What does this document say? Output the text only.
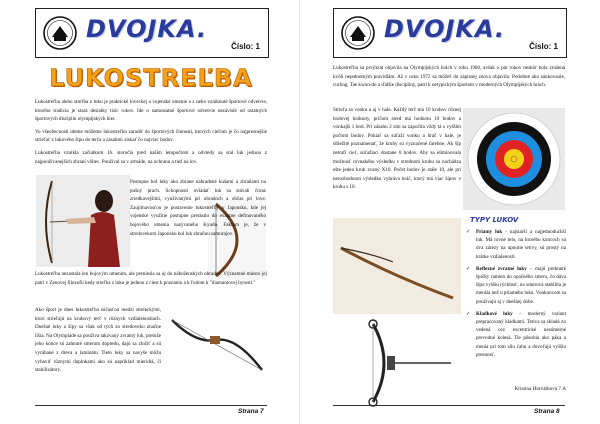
DVOJKA.
Číslo: 1
LUKOSTREĽBA

Lukostreľba alebo streľba z luku je praktické loveckej a vojenské umenie a z neho vzniknuté športové odvetvie, ktorého tradícia je stará desiatky tisíc rokov. Ide o samostatné športové odvetvie nezávislé od ostatných športových disciplín olympijských hier.

Vo všeobecnosti ideme môžeme lukostreľbu zaradiť do športových činností, ktorých cieľom je čo najpresnejšie strieľať z lukového šípu do terča a zásahmi získať čo najviac bodov.

Lukostreľba vznikla začiatkom 16. storočia pred naším letopočtom a odvtedy sa stal luk jednou z najpoužívanejších zbraní vôbec. Používal sa v armáde, na ochranu a tiež na lov.

Postupne bol luky ako zbrane nahradené kušami a zbraňami na pušný prach. Schopnosti ovládať luk sa stávali čoraz zriedkavejšími, využívanými pri obradoch a občas pri love. Zaujímavosťou je postavenie lukostreľby v Japonsku, kde jej vojenské využitie postupne prerástlo do exaktne definovaného bojového umenia nazývaného Kyudo. Faktom je, že v stredovekom Japonsku bol luk zbraňou samurajov.

Lukostreľba nezostala len bojovým umením, ale preniesla sa aj do náboženských obradov. Významné miesto jej patrí v Zenovej filozofii kedy streľba z luku je jednou z ciest k poznaniu a k ľudom k "diamantovej bytosti."

Ako šport je dnes lukostreľba súčasťou medzi streleckými, ktorí strieľajú na kruhový terč v rôznych vzdialenostiach. Dnešné luky a šípy sa však od tých zo stredoveku značne líšia. Na Olympiáde sa používa takzvaný zvratný luk, pretože jeho konce sú zahnuté smerom dopredu, dajú sa zložiť a sú vyrábané z dreva a laminátu. Tieto luky sa navyše môžu vybaviť rôznymi doplnkami ako sú napríklad mieridlá, či stabilizátory.

Strana 7
DVOJKA.
Číslo: 1

Lukostreľba sa prvýkrát objavila na Olympijských hrách v roku 1900, avšak o pár rokov neskôr bola zrušená kvôli nejednotným pravidlám. Až v roku 1972 sa môžeš do zápisnej znova objavila. Podobne ako sánkovanie, curling. Tae kwon-do a ďalšie disciplíny, patrí k netypickým športom v moderných Olympijských hrách.

Strieľa sa vonku a aj v hale. Každý terč má 10 kruhov rôznej bodovej hodnoty, pričom stred má hodnotu 10 bodov a vonkajší 1 bod. Pri zásahu 2 zón sa započíta vždy tá s vyšším počtom bodov. Pokiaľ sa súťaží vonku a hráč v hale, je dôležité poznamenať, že kruhy sú vyznačené farebne. Ak šíp netrafí cieľ, súťažiaci dostane 0 bodov. Aby sa eliminovala možnosť rovnakého výsledku v strednom kruhu sa nachádza ešte jeden kruh zvaný X10. Počet bodov je stále 10, ale pri nerozhodnom výsledku vyhráva hráč, ktorý má viac šípov v kruhu s 10.

TYPY LUKOV
✓ Priamy luk - najstarší a najjednoduchší luk. Má rovné telo, na ktorého koncoch sú dva zárezy na upnutie tetivy, sú prostý na krátke vzdialenosti.
✓ Reflexné zvratné luky – majú prehnuté špičky ramien do opačného smeru, čo dáva šípu vyššiu rýchlosť, no smerová stabilita je menšia než u priameho luku. Vonkoncom sa používajú aj v dnešnej dobe.
✓ Kladkové luky – moderný variant prepracovaný kladkami. Tetiva sa skladá zo vedená cez excentrické nesúmerné prevodné kolesá. Tie pôsobia ako páka a menia pri tom silu ťahu a dovoľujú vyššiu presnosť.
Kristína Horváthová 7.A
Strana 8
